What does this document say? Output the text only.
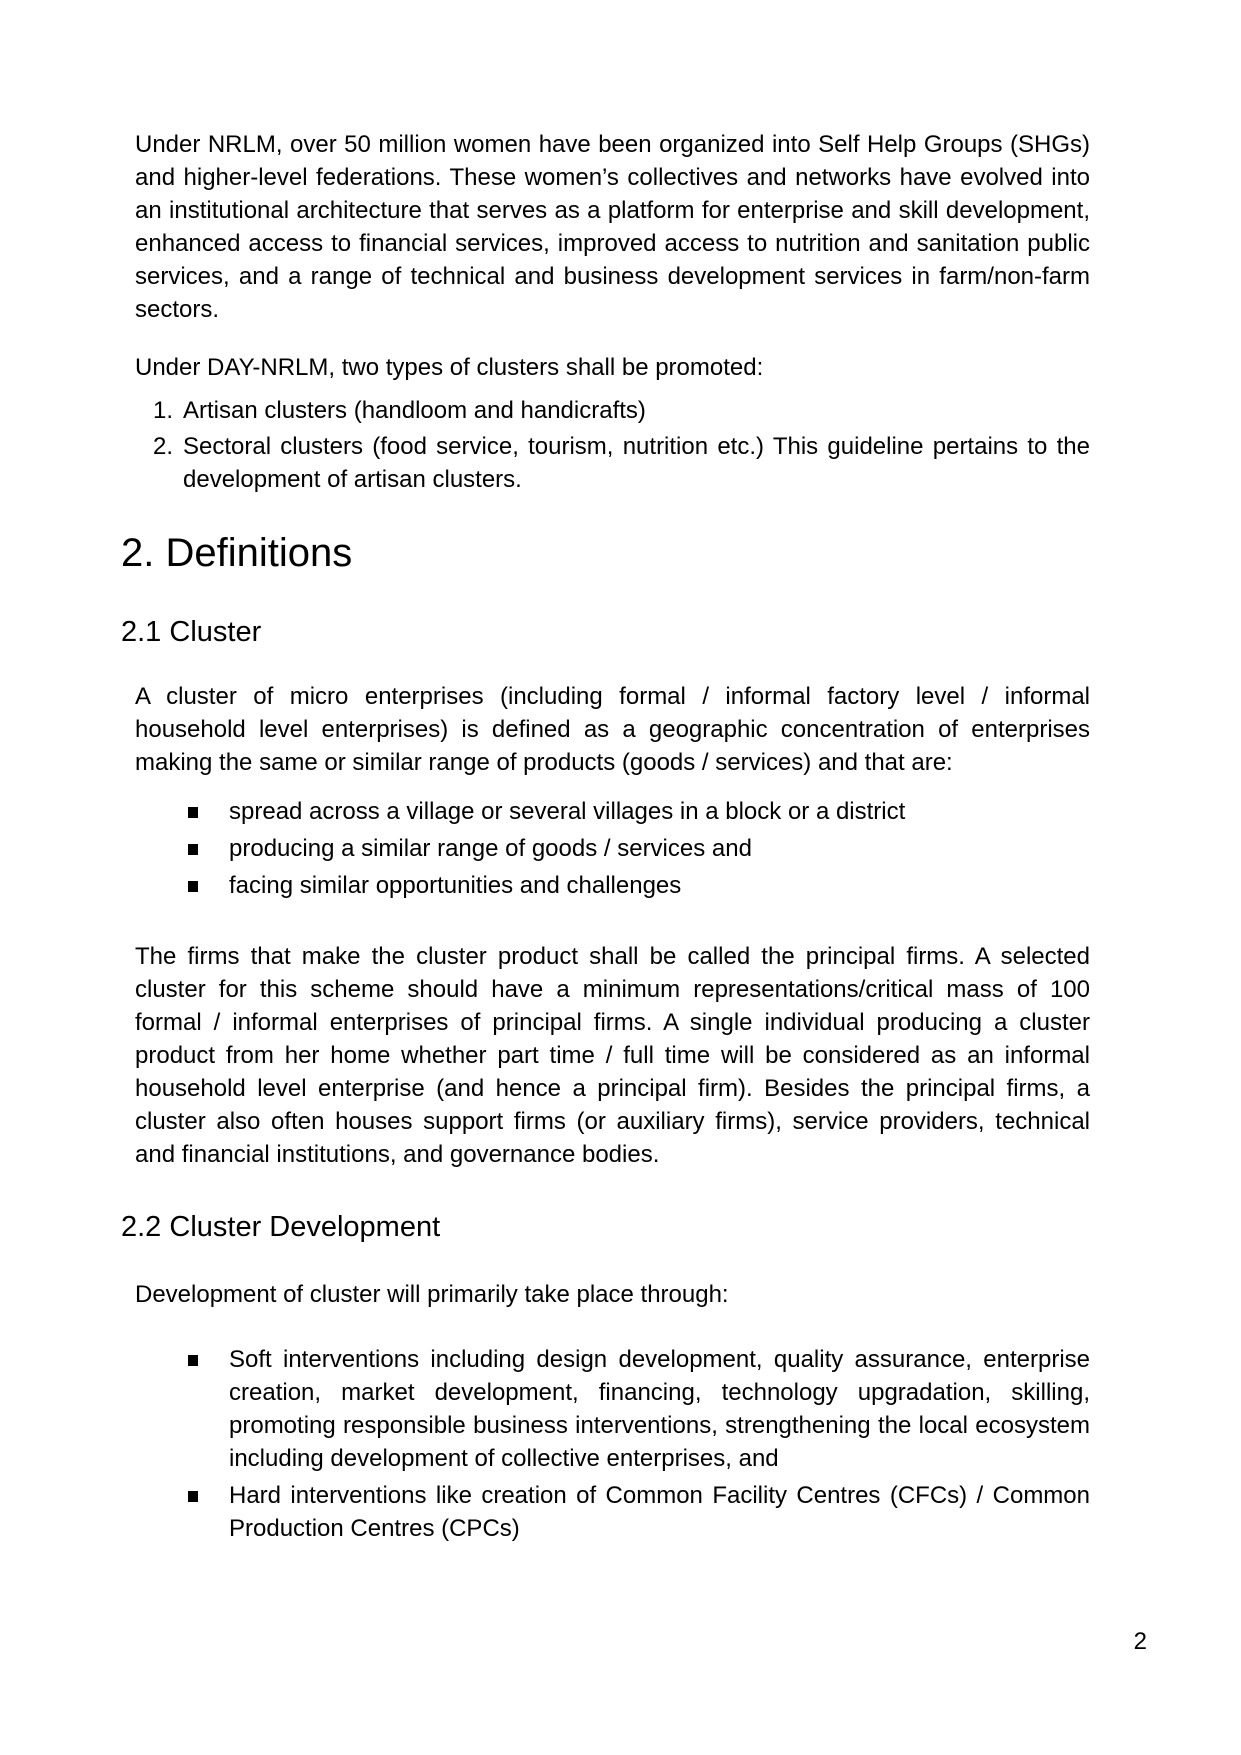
Under NRLM, over 50 million women have been organized into Self Help Groups (SHGs) and higher-level federations. These women’s collectives and networks have evolved into an institutional architecture that serves as a platform for enterprise and skill development, enhanced access to financial services, improved access to nutrition and sanitation public services, and a range of technical and business development services in farm/non-farm sectors.

Under DAY-NRLM, two types of clusters shall be promoted:

1. Artisan clusters (handloom and handicrafts)
2. Sectoral clusters (food service, tourism, nutrition etc.) This guideline pertains to the development of artisan clusters.
2. Definitions
2.1 Cluster

A cluster of micro enterprises (including formal / informal factory level / informal household level enterprises) is defined as a geographic concentration of enterprises making the same or similar range of products (goods / services) and that are:

spread across a village or several villages in a block or a district
producing a similar range of goods / services and
facing similar opportunities and challenges

The firms that make the cluster product shall be called the principal firms. A selected cluster for this scheme should have a minimum representations/critical mass of 100 formal / informal enterprises of principal firms. A single individual producing a cluster product from her home whether part time / full time will be considered as an informal household level enterprise (and hence a principal firm). Besides the principal firms, a cluster also often houses support firms (or auxiliary firms), service providers, technical and financial institutions, and governance bodies.

2.2 Cluster Development

Development of cluster will primarily take place through:

Soft interventions including design development, quality assurance, enterprise creation, market development, financing, technology upgradation, skilling, promoting responsible business interventions, strengthening the local ecosystem including development of collective enterprises, and
Hard interventions like creation of Common Facility Centres (CFCs) / Common Production Centres (CPCs)
2
